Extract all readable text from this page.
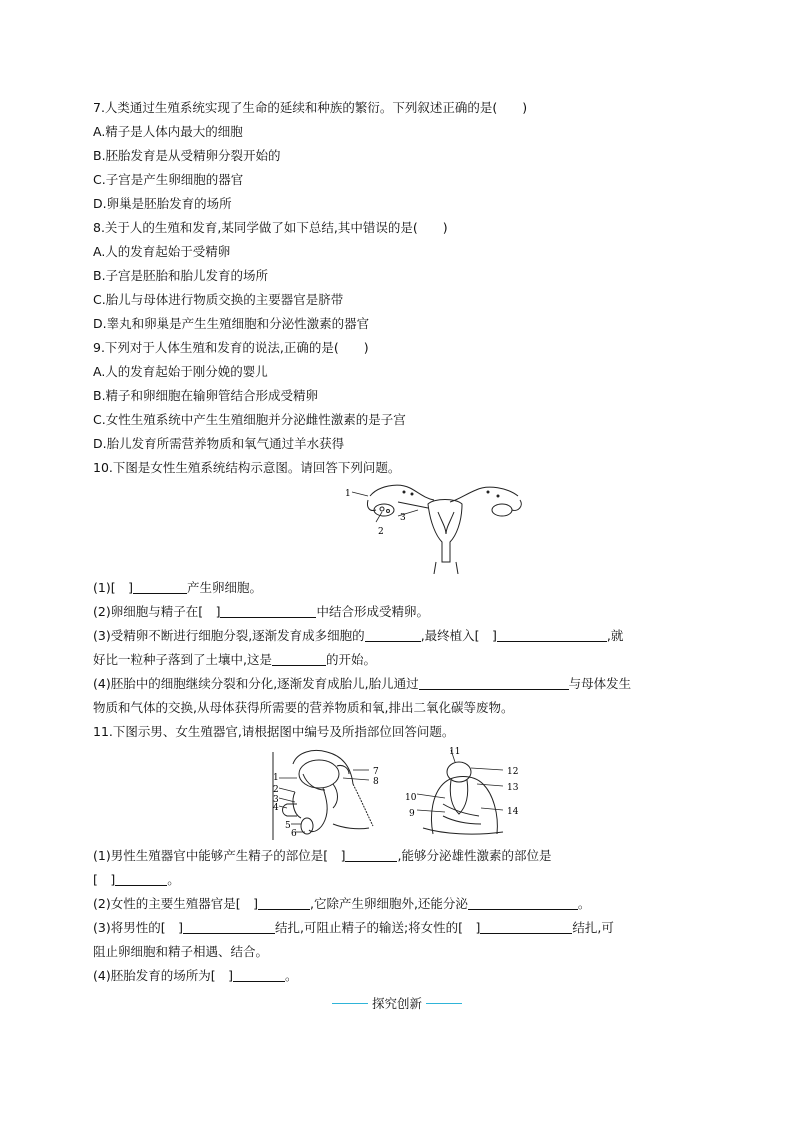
7.人类通过生殖系统实现了生命的延续和种族的繁衍。下列叙述正确的是(　　)
A.精子是人体内最大的细胞
B.胚胎发育是从受精卵分裂开始的
C.子宫是产生卵细胞的器官
D.卵巢是胚胎发育的场所
8.关于人的生殖和发育,某同学做了如下总结,其中错误的是(　　)
A.人的发育起始于受精卵
B.子宫是胚胎和胎儿发育的场所
C.胎儿与母体进行物质交换的主要器官是脐带
D.睾丸和卵巢是产生生殖细胞和分泌性激素的器官
9.下列对于人体生殖和发育的说法,正确的是(　　)
A.人的发育起始于刚分娩的婴儿
B.精子和卵细胞在输卵管结合形成受精卵
C.女性生殖系统中产生生殖细胞并分泌雌性激素的是子宫
D.胎儿发育所需营养物质和氧气通过羊水获得
10.下图是女性生殖系统结构示意图。请回答下列问题。
1
2
3
(1)[　]	产生卵细胞。
(2)卵细胞与精子在[　]	中结合形成受精卵。
(3)受精卵不断进行细胞分裂,逐渐发育成多细胞的	,最终植入[　]	,就
好比一粒种子落到了土壤中,这是	的开始。
(4)胚胎中的细胞继续分裂和分化,逐渐发育成胎儿,胎儿通过	与母体发生
物质和气体的交换,从母体获得所需要的营养物质和氧,排出二氧化碳等废物。
11.下图示男、女生殖器官,请根据图中编号及所指部位回答问题。
1
2
3
4
5
6
7
8
11
12
13
14
10
9
(1)男性生殖器官中能够产生精子的部位是[　]	,能够分泌雄性激素的部位是
[　]	。
(2)女性的主要生殖器官是[　]	,它除产生卵细胞外,还能分泌	。
(3)将男性的[　]	结扎,可阻止精子的输送;将女性的[　]	结扎,可
阻止卵细胞和精子相遇、结合。
(4)胚胎发育的场所为[　]	。
探究创新
